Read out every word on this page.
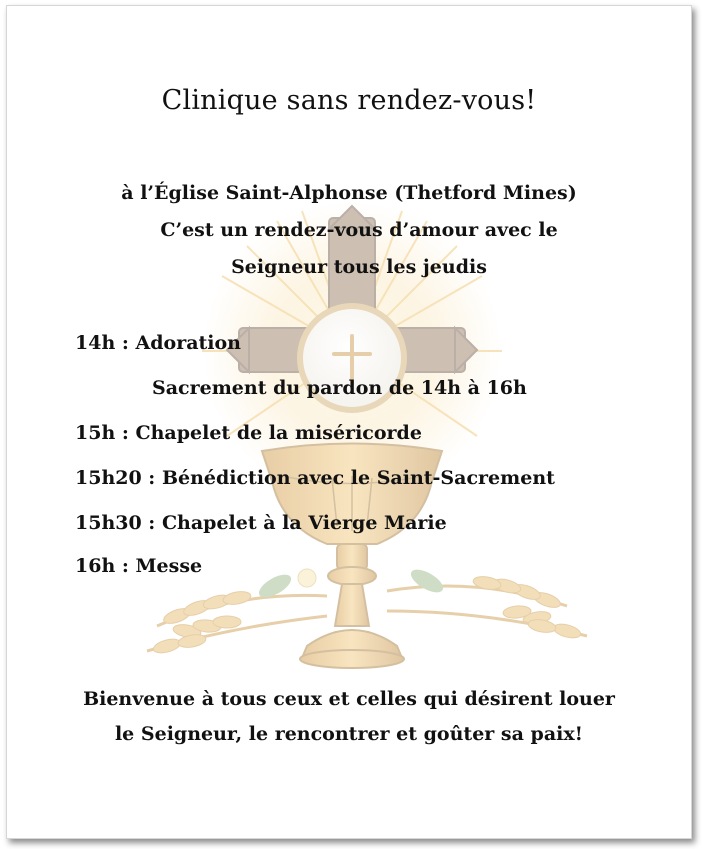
Clinique sans rendez-vous!
à l’Église Saint-Alphonse (Thetford Mines)
C’est un rendez-vous d’amour avec le
Seigneur tous les jeudis
14h : Adoration
Sacrement du pardon de 14h à 16h
15h : Chapelet de la miséricorde
15h20 : Bénédiction avec le Saint-Sacrement
15h30 : Chapelet à la Vierge Marie
16h : Messe
Bienvenue à tous ceux et celles qui désirent louer
le Seigneur, le rencontrer et goûter sa paix!
